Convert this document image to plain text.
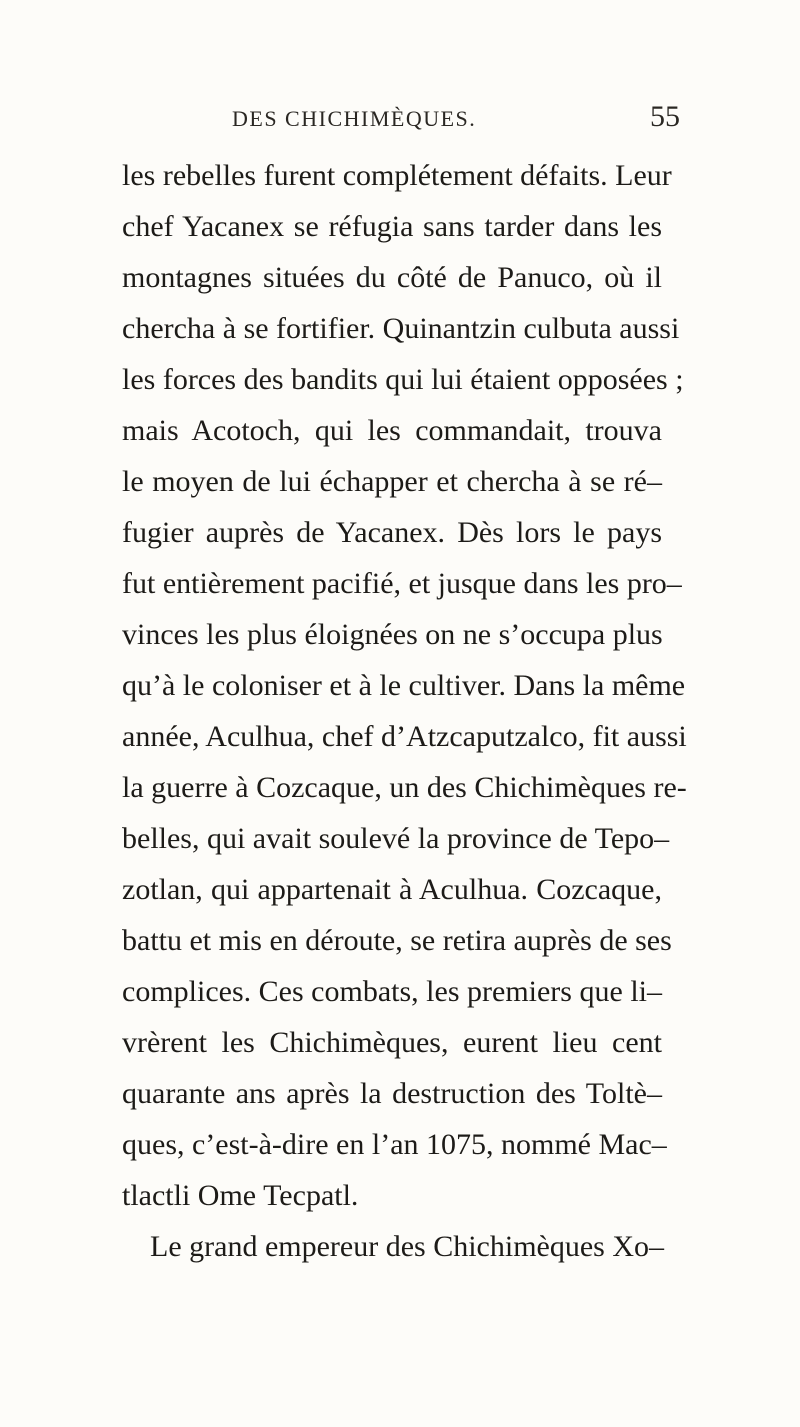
DES CHICHIMÈQUES.	55
les rebelles furent complétement défaits. Leur
chef Yacanex se réfugia sans tarder dans les
montagnes situées du côté de Panuco, où il
chercha à se fortifier. Quinantzin culbuta aussi
les forces des bandits qui lui étaient opposées ;
mais Acotoch, qui les commandait, trouva
le moyen de lui échapper et chercha à se ré–
fugier auprès de Yacanex. Dès lors le pays
fut entièrement pacifié, et jusque dans les pro–
vinces les plus éloignées on ne s’occupa plus
qu’à le coloniser et à le cultiver. Dans la même
année, Aculhua, chef d’Atzcaputzalco, fit aussi
la guerre à Cozcaque, un des Chichimèques re-
belles, qui avait soulevé la province de Tepo–
zotlan, qui appartenait à Aculhua. Cozcaque,
battu et mis en déroute, se retira auprès de ses
complices. Ces combats, les premiers que li–
vrèrent les Chichimèques, eurent lieu cent
quarante ans après la destruction des Toltè–
ques, c’est-à-dire en l’an 1075, nommé Mac–
tlactli Ome Tecpatl.
Le grand empereur des Chichimèques Xo–
